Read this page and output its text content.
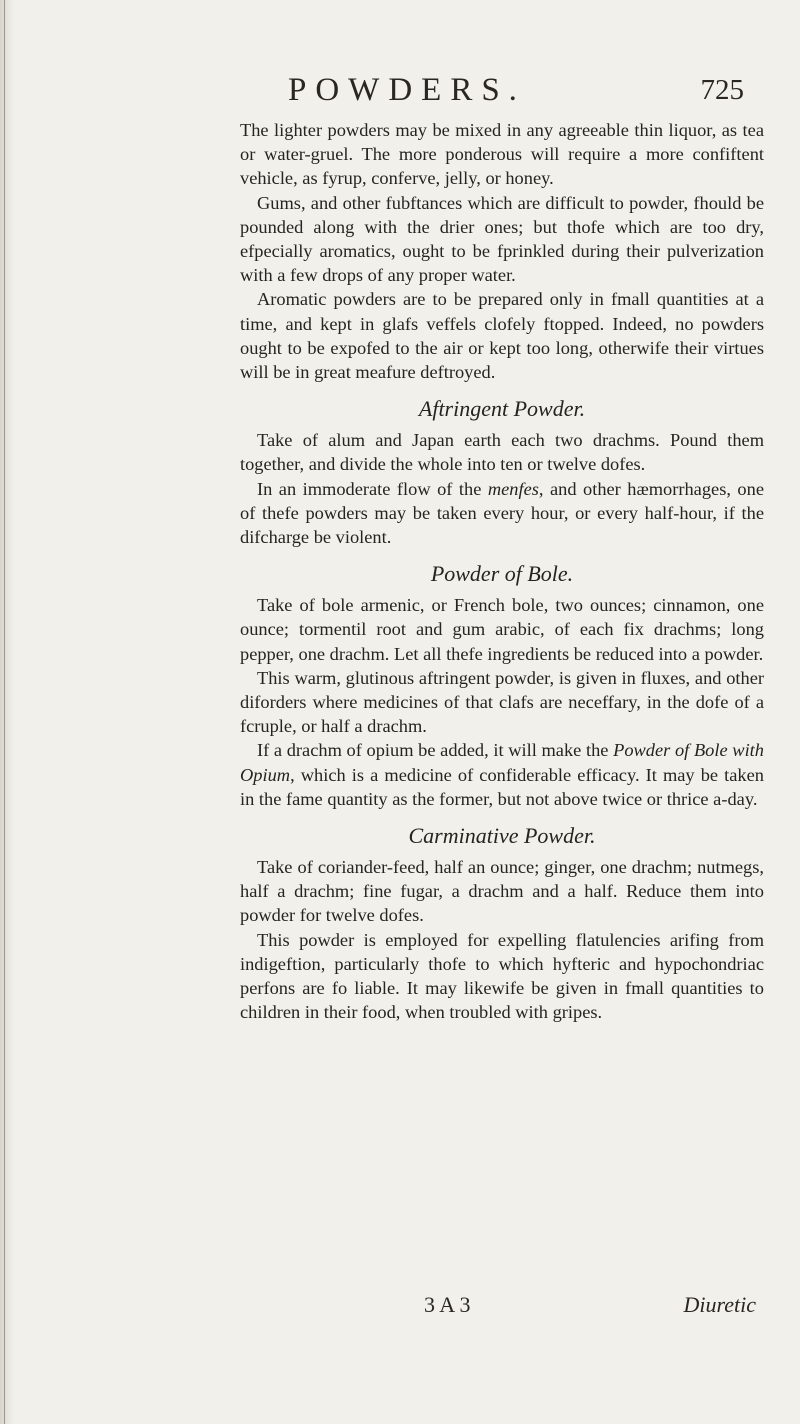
POWDERS.	725

The lighter powders may be mixed in any agreeable thin liquor, as tea or water-gruel. The more ponderous will require a more confiftent vehicle, as fyrup, conferve, jelly, or honey.

Gums, and other fubftances which are difficult to powder, fhould be pounded along with the drier ones; but thofe which are too dry, efpecially aromatics, ought to be fprinkled during their pulverization with a few drops of any proper water.

Aromatic powders are to be prepared only in fmall quantities at a time, and kept in glafs veffels clofely ftopped. Indeed, no powders ought to be expofed to the air or kept too long, otherwife their virtues will be in great meafure deftroyed.

Aftringent Powder.

Take of alum and Japan earth each two drachms. Pound them together, and divide the whole into ten or twelve dofes.

In an immoderate flow of the menfes, and other hæmorrhages, one of thefe powders may be taken every hour, or every half-hour, if the difcharge be violent.

Powder of Bole.

Take of bole armenic, or French bole, two ounces; cinnamon, one ounce; tormentil root and gum arabic, of each fix drachms; long pepper, one drachm. Let all thefe ingredients be reduced into a powder.

This warm, glutinous aftringent powder, is given in fluxes, and other diforders where medicines of that clafs are neceffary, in the dofe of a fcruple, or half a drachm.

If a drachm of opium be added, it will make the Powder of Bole with Opium, which is a medicine of confiderable efficacy. It may be taken in the fame quantity as the former, but not above twice or thrice a-day.

Carminative Powder.

Take of coriander-feed, half an ounce; ginger, one drachm; nutmegs, half a drachm; fine fugar, a drachm and a half. Reduce them into powder for twelve dofes.

This powder is employed for expelling flatulencies arifing from indigeftion, particularly thofe to which hyfteric and hypochondriac perfons are fo liable. It may likewife be given in fmall quantities to children in their food, when troubled with gripes.

3 A 3	Diuretic
